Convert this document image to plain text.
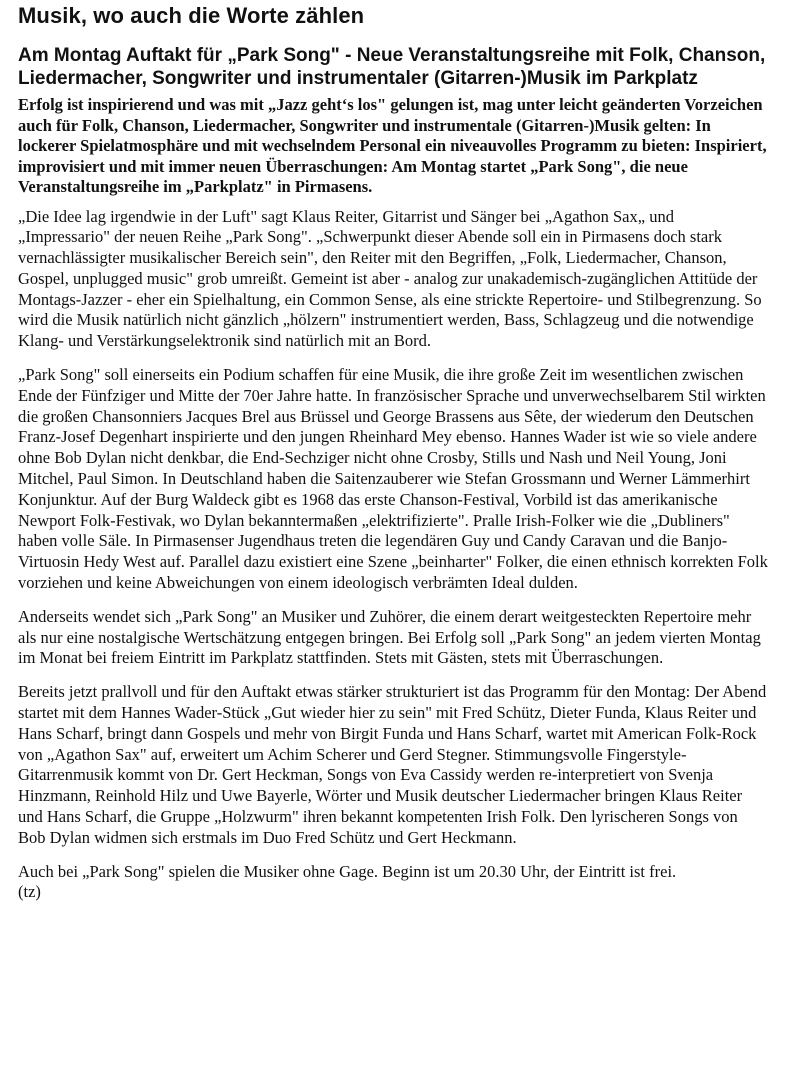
Musik, wo auch die Worte zählen
Am Montag Auftakt für „Park Song" - Neue Veranstaltungsreihe mit Folk, Chanson, Liedermacher, Songwriter und instrumentaler (Gitarren-)Musik im Parkplatz
Erfolg ist inspirierend und was mit „Jazz geht‘s los" gelungen ist, mag unter leicht geänderten Vorzeichen auch für Folk, Chanson, Liedermacher, Songwriter und instrumentale (Gitarren-)Musik gelten: In lockerer Spielatmosphäre und mit wechselndem Personal ein niveauvolles Programm zu bieten: Inspiriert, improvisiert und mit immer neuen Überraschungen: Am Montag startet „Park Song", die neue Veranstaltungsreihe im „Parkplatz" in Pirmasens.
„Die Idee lag irgendwie in der Luft" sagt Klaus Reiter, Gitarrist und Sänger bei „Agathon Sax„ und „Impressario" der neuen Reihe „Park Song". „Schwerpunkt dieser Abende soll ein in Pirmasens doch stark vernachlässigter musikalischer Bereich sein", den Reiter mit den Begriffen, „Folk, Liedermacher, Chanson, Gospel, unplugged music" grob umreißt. Gemeint ist aber - analog zur unakademisch-zugänglichen Attitüde der Montags-Jazzer - eher ein Spielhaltung, ein Common Sense, als eine strickte Repertoire- und Stilbegrenzung. So wird die Musik natürlich nicht gänzlich „hölzern" instrumentiert werden, Bass, Schlagzeug und die notwendige Klang- und Verstärkungselektronik sind natürlich mit an Bord.
„Park Song" soll einerseits ein Podium schaffen für eine Musik, die ihre große Zeit im wesentlichen zwischen Ende der Fünfziger und Mitte der 70er Jahre hatte. In französischer Sprache und unverwechselbarem Stil wirkten die großen Chansonniers Jacques Brel aus Brüssel und George Brassens aus Sête, der wiederum den Deutschen Franz-Josef Degenhart inspirierte und den jungen Rheinhard Mey ebenso. Hannes Wader ist wie so viele andere ohne Bob Dylan nicht denkbar, die End-Sechziger nicht ohne Crosby, Stills und Nash und Neil Young, Joni Mitchel, Paul Simon. In Deutschland haben die Saitenzauberer wie Stefan Grossmann und Werner Lämmerhirt Konjunktur. Auf der Burg Waldeck gibt es 1968 das erste Chanson-Festival, Vorbild ist das amerikanische Newport Folk-Festivak, wo Dylan bekanntermaßen „elektrifizierte". Pralle Irish-Folker wie die „Dubliners" haben volle Säle. In Pirmasenser Jugendhaus treten die legendären Guy und Candy Caravan und die Banjo-Virtuosin Hedy West auf. Parallel dazu existiert eine Szene „beinharter" Folker, die einen ethnisch korrekten Folk vorziehen und keine Abweichungen von einem ideologisch verbrämten Ideal dulden.
Anderseits wendet sich „Park Song" an Musiker und Zuhörer, die einem derart weitgesteckten Repertoire mehr als nur eine nostalgische Wertschätzung entgegen bringen. Bei Erfolg soll „Park Song" an jedem vierten Montag im Monat bei freiem Eintritt im Parkplatz stattfinden. Stets mit Gästen, stets mit Überraschungen.
Bereits jetzt prallvoll und für den Auftakt etwas stärker strukturiert ist das Programm für den Montag: Der Abend startet mit dem Hannes Wader-Stück „Gut wieder hier zu sein" mit Fred Schütz, Dieter Funda, Klaus Reiter und Hans Scharf, bringt dann Gospels und mehr von Birgit Funda und Hans Scharf, wartet mit American Folk-Rock von „Agathon Sax" auf, erweitert um Achim Scherer und Gerd Stegner. Stimmungsvolle Fingerstyle-Gitarrenmusik kommt von Dr. Gert Heckman, Songs von Eva Cassidy werden re-interpretiert von Svenja Hinzmann, Reinhold Hilz und Uwe Bayerle, Wörter und Musik deutscher Liedermacher bringen Klaus Reiter und Hans Scharf, die Gruppe „Holzwurm" ihren bekannt kompetenten Irish Folk. Den lyrischeren Songs von Bob Dylan widmen sich erstmals im Duo Fred Schütz und Gert Heckmann.
Auch bei „Park Song" spielen die Musiker ohne Gage. Beginn ist um 20.30 Uhr, der Eintritt ist frei.
(tz)
